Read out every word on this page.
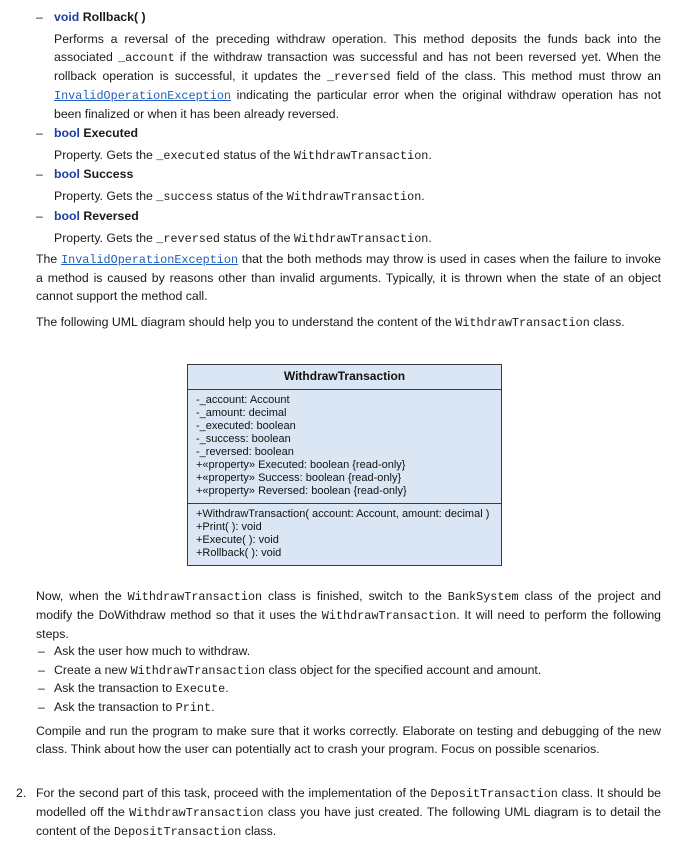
– void Rollback( )
Performs a reversal of the preceding withdraw operation. This method deposits the funds back into the associated _account if the withdraw transaction was successful and has not been reversed yet. When the rollback operation is successful, it updates the _reversed field of the class. This method must throw an InvalidOperationException indicating the particular error when the original withdraw operation has not been finalized or when it has been already reversed.
– bool Executed
Property. Gets the _executed status of the WithdrawTransaction.
– bool Success
Property. Gets the _success status of the WithdrawTransaction.
– bool Reversed
Property. Gets the _reversed status of the WithdrawTransaction.
The InvalidOperationException that the both methods may throw is used in cases when the failure to invoke a method is caused by reasons other than invalid arguments. Typically, it is thrown when the state of an object cannot support the method call.
The following UML diagram should help you to understand the content of the WithdrawTransaction class.
WithdrawTransaction
-_account: Account
-_amount: decimal
-_executed: boolean
-_success: boolean
-_reversed: boolean
+«property» Executed: boolean {read-only}
+«property» Success: boolean {read-only}
+«property» Reversed: boolean {read-only}
+WithdrawTransaction( account: Account, amount: decimal )
+Print( ): void
+Execute( ): void
+Rollback( ): void
Now, when the WithdrawTransaction class is finished, switch to the BankSystem class of the project and modify the DoWithdraw method so that it uses the WithdrawTransaction. It will need to perform the following steps.
– Ask the user how much to withdraw.
– Create a new WithdrawTransaction class object for the specified account and amount.
– Ask the transaction to Execute.
– Ask the transaction to Print.
Compile and run the program to make sure that it works correctly. Elaborate on testing and debugging of the new class. Think about how the user can potentially act to crash your program. Focus on possible scenarios.
2. For the second part of this task, proceed with the implementation of the DepositTransaction class. It should be modelled off the WithdrawTransaction class you have just created. The following UML diagram is to detail the content of the DepositTransaction class.
